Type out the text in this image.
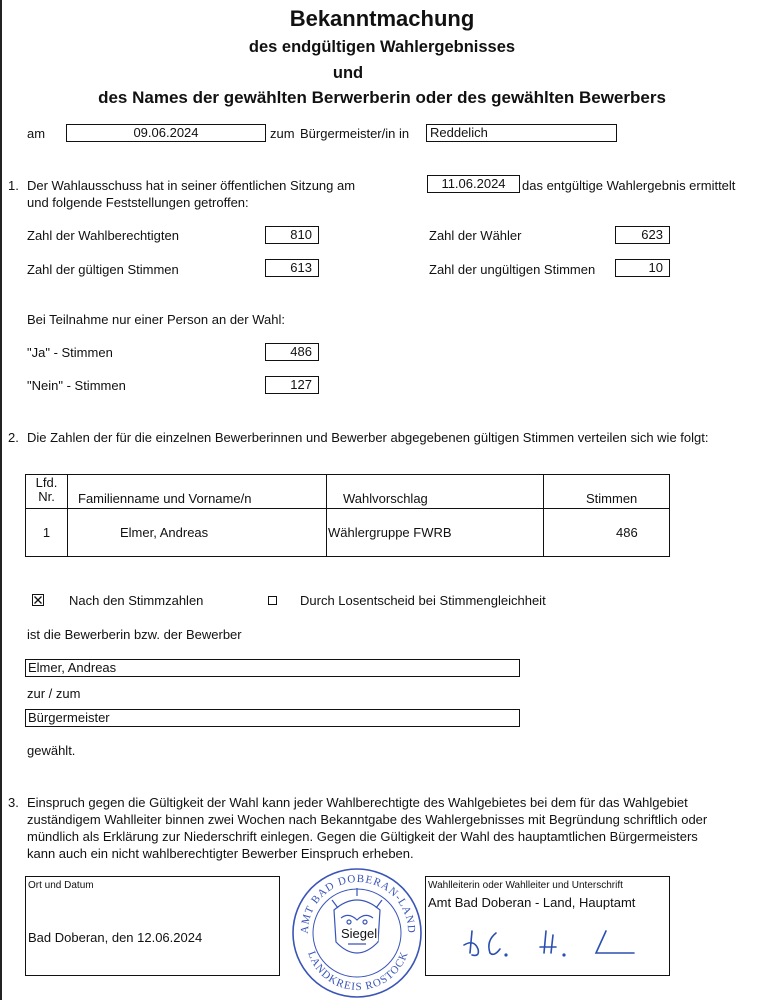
Bekanntmachung
des endgültigen Wahlergebnisses
und
des Names der gewählten Berwerberin oder des gewählten Bewerbers
am	09.06.2024	zum Bürgermeister/in in	Reddelich
1. Der Wahlausschuss hat in seiner öffentlichen Sitzung am
und folgende Feststellungen getroffen:
11.06.2024	das entgültige Wahlergebnis ermittelt
Zahl der Wahlberechtigten	810	Zahl der Wähler	623
Zahl der gültigen Stimmen	613	Zahl der ungültigen Stimmen	10
Bei Teilnahme nur einer Person an der Wahl:
"Ja" - Stimmen	486
"Nein" - Stimmen	127
2. Die Zahlen der für die einzelnen Bewerberinnen und Bewerber abgegebenen gültigen Stimmen verteilen sich wie folgt:
Lfd.
Nr.	Familienname und Vorname/n	Wahlvorschlag	Stimmen
1	Elmer, Andreas	Wählergruppe FWRB	486
Nach den Stimmzahlen	Durch Losentscheid bei Stimmengleichheit
ist die Bewerberin bzw. der Bewerber
Elmer, Andreas
zur / zum
Bürgermeister
gewählt.
3. Einspruch gegen die Gültigkeit der Wahl kann jeder Wahlberechtigte des Wahlgebietes bei dem für das Wahlgebiet
zuständigem Wahlleiter binnen zwei Wochen nach Bekanntgabe des Wahlergebnisses mit Begründung schriftlich oder
mündlich als Erklärung zur Niederschrift einlegen. Gegen die Gültigkeit der Wahl des hauptamtlichen Bürgermeisters
kann auch ein nicht wahlberechtigter Bewerber Einspruch erheben.
Ort und Datum
Bad Doberan, den 12.06.2024
AMT BAD DOBERAN-LAND
LANDKREIS ROSTOCK
Siegel
Wahlleiterin oder Wahlleiter und Unterschrift
Amt Bad Doberan - Land, Hauptamt
